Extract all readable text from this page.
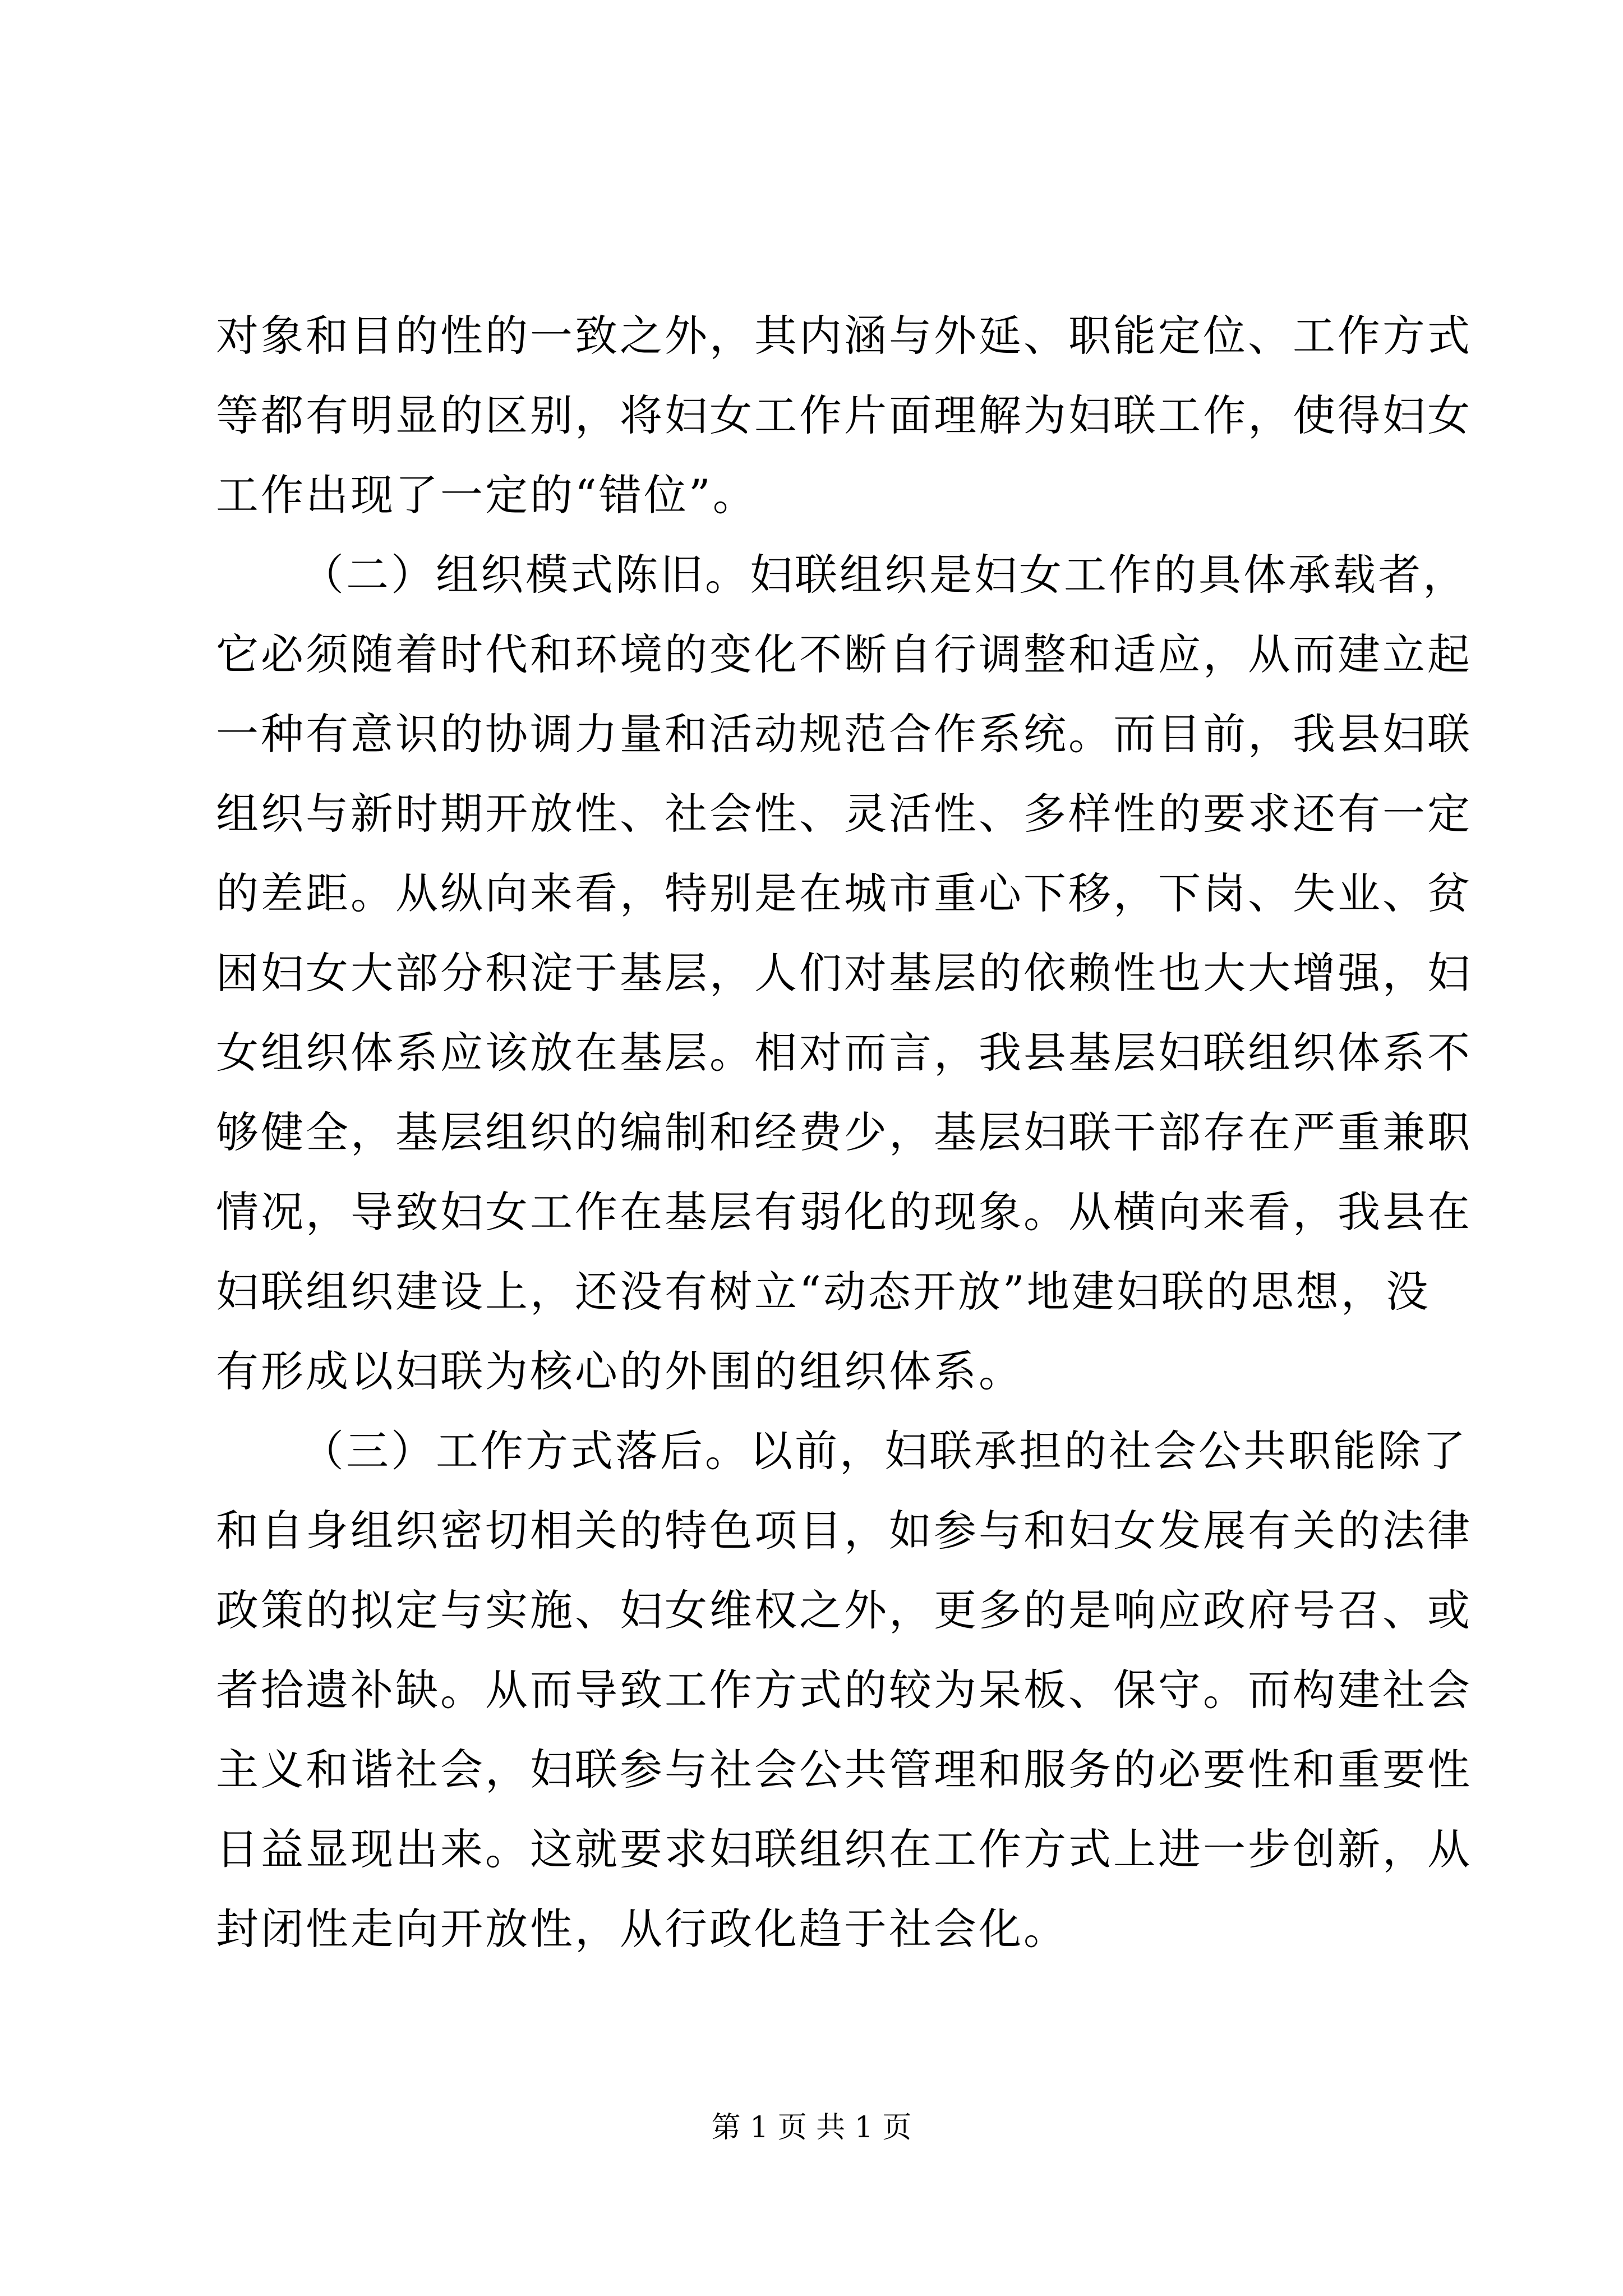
对象和目的性的一致之外，其内涵与外延、职能定位、工作方式
等都有明显的区别，将妇女工作片面理解为妇联工作，使得妇女
工作出现了一定的“错位”。
（二）组织模式陈旧。妇联组织是妇女工作的具体承载者，
它必须随着时代和环境的变化不断自行调整和适应，从而建立起
一种有意识的协调力量和活动规范合作系统。而目前，我县妇联
组织与新时期开放性、社会性、灵活性、多样性的要求还有一定
的差距。从纵向来看，特别是在城市重心下移，下岗、失业、贫
困妇女大部分积淀于基层，人们对基层的依赖性也大大增强，妇
女组织体系应该放在基层。相对而言，我县基层妇联组织体系不
够健全，基层组织的编制和经费少，基层妇联干部存在严重兼职
情况，导致妇女工作在基层有弱化的现象。从横向来看，我县在
妇联组织建设上，还没有树立“动态开放”地建妇联的思想，没
有形成以妇联为核心的外围的组织体系。
（三）工作方式落后。以前，妇联承担的社会公共职能除了
和自身组织密切相关的特色项目，如参与和妇女发展有关的法律
政策的拟定与实施、妇女维权之外，更多的是响应政府号召、或
者拾遗补缺。从而导致工作方式的较为呆板、保守。而构建社会
主义和谐社会，妇联参与社会公共管理和服务的必要性和重要性
日益显现出来。这就要求妇联组织在工作方式上进一步创新，从
封闭性走向开放性，从行政化趋于社会化。
第 1 页 共 1 页
